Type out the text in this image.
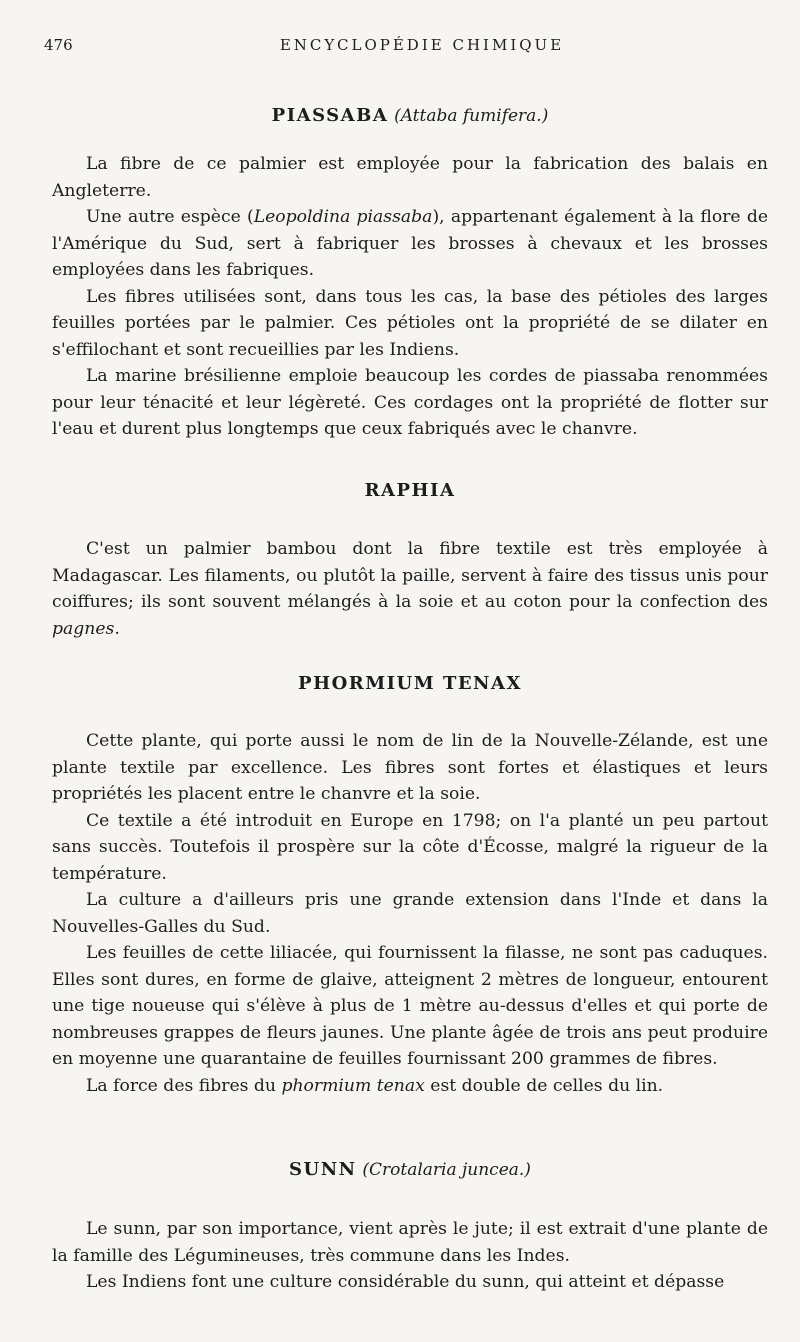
476	ENCYCLOPÉDIE CHIMIQUE
PIASSABA (Attaba fumifera.)

La fibre de ce palmier est employée pour la fabrication des balais en Angleterre.

Une autre espèce (Leopoldina piassaba), appartenant également à la flore de l'Amérique du Sud, sert à fabriquer les brosses à chevaux et les brosses employées dans les fabriques.

Les fibres utilisées sont, dans tous les cas, la base des pétioles des larges feuilles portées par le palmier. Ces pétioles ont la propriété de se dilater en s'effilochant et sont recueillies par les Indiens.

La marine brésilienne emploie beaucoup les cordes de piassaba renommées pour leur ténacité et leur légèreté. Ces cordages ont la propriété de flotter sur l'eau et durent plus longtemps que ceux fabriqués avec le chanvre.

RAPHIA

C'est un palmier bambou dont la fibre textile est très employée à Madagascar. Les filaments, ou plutôt la paille, servent à faire des tissus unis pour coiffures; ils sont souvent mélangés à la soie et au coton pour la confection des pagnes.

PHORMIUM TENAX

Cette plante, qui porte aussi le nom de lin de la Nouvelle-Zélande, est une plante textile par excellence. Les fibres sont fortes et élastiques et leurs propriétés les placent entre le chanvre et la soie.

Ce textile a été introduit en Europe en 1798; on l'a planté un peu partout sans succès. Toutefois il prospère sur la côte d'Écosse, malgré la rigueur de la température.

La culture a d'ailleurs pris une grande extension dans l'Inde et dans la Nouvelles-Galles du Sud.

Les feuilles de cette liliacée, qui fournissent la filasse, ne sont pas caduques. Elles sont dures, en forme de glaive, atteignent 2 mètres de longueur, entourent une tige noueuse qui s'élève à plus de 1 mètre au-dessus d'elles et qui porte de nombreuses grappes de fleurs jaunes. Une plante âgée de trois ans peut produire en moyenne une quarantaine de feuilles fournissant 200 grammes de fibres.

La force des fibres du phormium tenax est double de celles du lin.

SUNN (Crotalaria juncea.)

Le sunn, par son importance, vient après le jute; il est extrait d'une plante de la famille des Légumineuses, très commune dans les Indes.

Les Indiens font une culture considérable du sunn, qui atteint et dépasse
